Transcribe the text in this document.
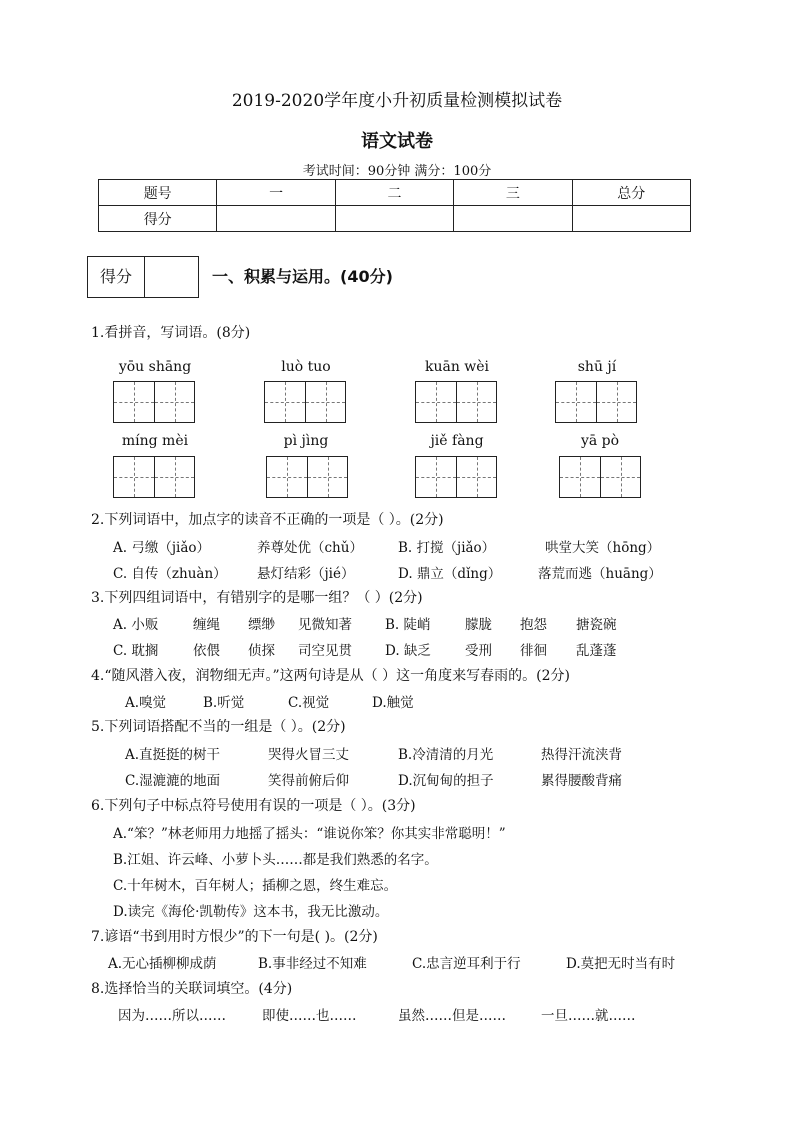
2019-2020学年度小升初质量检测模拟试卷
语文试卷
考试时间：90分钟 满分：100分
题号	一	二	三	总分
得分				
得分	一、积累与运用。(40分)
1.看拼音，写词语。(8分)
yōu shāng	luò tuo	kuān wèi	shū jí
míng mèi	pì jìng	jiě fàng	yā pò
2.下列词语中，加点字的读音不正确的一项是（ ）。(2分)
A. 弓缴（jiǎo）	养尊处优（chǔ）	B. 打搅（jiǎo）	哄堂大笑（hōng）
C. 自传（zhuàn） 悬灯结彩（jié）	D. 鼎立（dǐng）	落荒而逃（huāng）
3.下列四组词语中，有错别字的是哪一组？（ ）(2分)
A. 小贩	缠绳 缥缈 见微知著 B. 陡峭	朦胧 抱怨 搪瓷碗
C. 耽搁	依偎 侦探 司空见贯 D. 缺乏	受刑 徘徊 乱蓬蓬
4.“随风潜入夜，润物细无声。”这两句诗是从（ ）这一角度来写春雨的。(2分)
A.嗅觉	B.听觉	C.视觉	D.触觉
5.下列词语搭配不当的一组是（ ）。(2分)
A.直挺挺的树干	哭得火冒三丈	B.冷清清的月光	热得汗流浃背
C.湿漉漉的地面	笑得前俯后仰	D.沉甸甸的担子	累得腰酸背痛
6.下列句子中标点符号使用有误的一项是（ ）。(3分)
A.“笨？”林老师用力地摇了摇头：“谁说你笨？你其实非常聪明！”
B.江姐、许云峰、小萝卜头……都是我们熟悉的名字。
C.十年树木，百年树人；插柳之恩，终生难忘。
D.读完《海伦·凯勒传》这本书，我无比激动。
7.谚语“书到用时方恨少”的下一句是( )。(2分)
A.无心插柳柳成荫	B.事非经过不知难	C.忠言逆耳利于行	D.莫把无时当有时
8.选择恰当的关联词填空。(4分)
因为……所以……	即使……也……	虽然……但是……	一旦……就……
